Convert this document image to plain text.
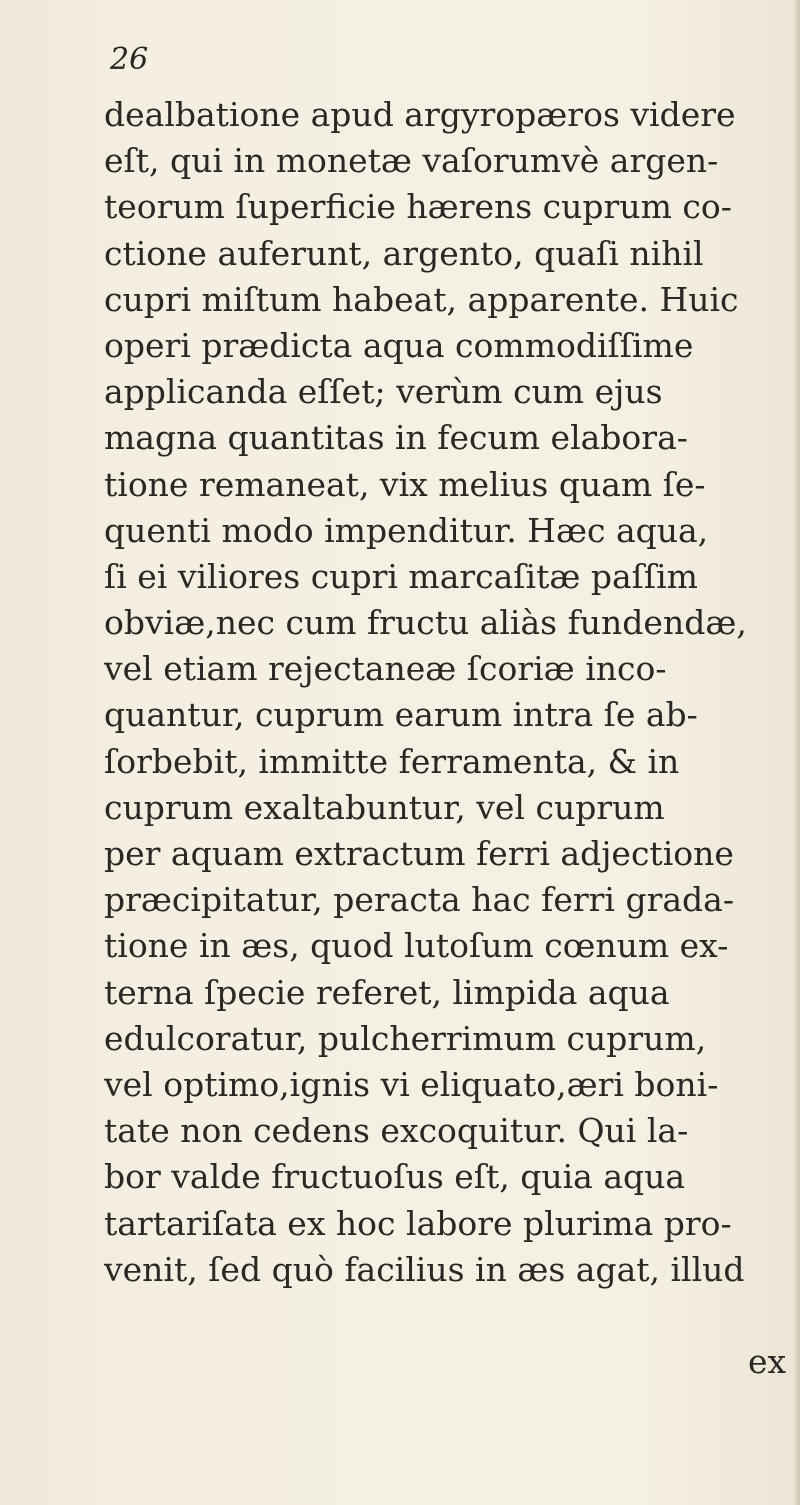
26
dealbatione apud argyropæros videre
eſt, qui in monetæ vaſorumvè argen-
teorum ſuperficie hærens cuprum co-
ctione auferunt, argento, quaſi nihil
cupri miſtum habeat, apparente. Huic
operi prædicta aqua commodiſſime
applicanda eſſet; verùm cum ejus
magna quantitas in fecum elabora-
tione remaneat, vix melius quam ſe-
quenti modo impenditur. Hæc aqua,
ſi ei viliores cupri marcaſitæ paſſim
obviæ,nec cum fructu aliàs fundendæ,
vel etiam rejectaneæ ſcoriæ inco-
quantur, cuprum earum intra ſe ab-
ſorbebit, immitte ferramenta, & in
cuprum exaltabuntur, vel cuprum
per aquam extractum ferri adjectione
præcipitatur, peracta hac ferri grada-
tione in æs, quod lutoſum cœnum ex-
terna ſpecie referet, limpida aqua
edulcoratur, pulcherrimum cuprum,
vel optimo,ignis vi eliquato,æri boni-
tate non cedens excoquitur. Qui la-
bor valde fructuoſus eſt, quia aqua
tartariſata ex hoc labore plurima pro-
venit, ſed quò facilius in æs agat, illud
ex
